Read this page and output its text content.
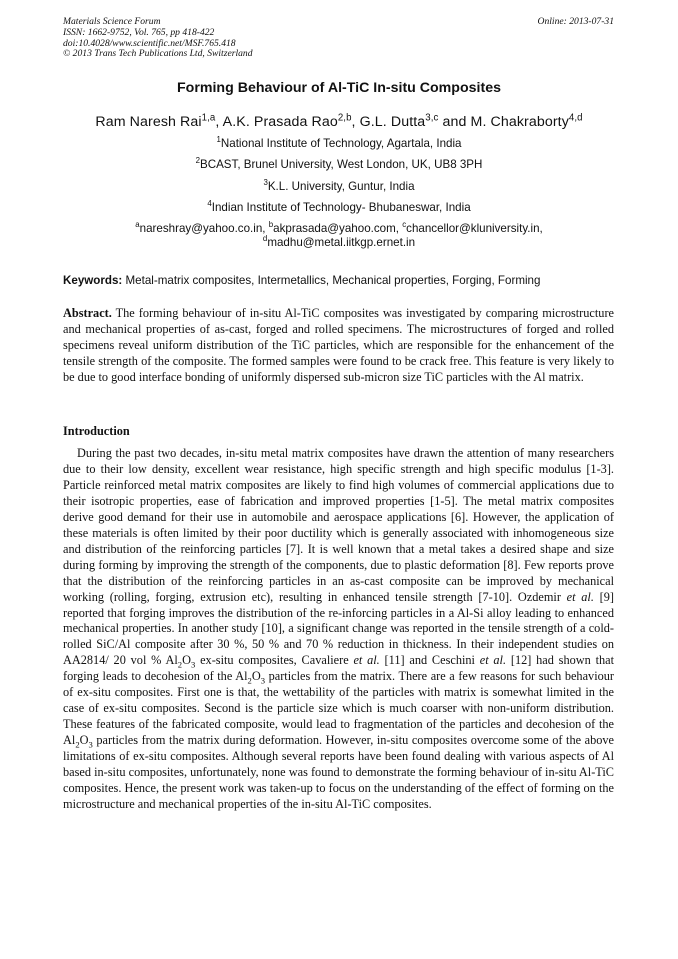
Materials Science Forum
ISSN: 1662-9752, Vol. 765, pp 418-422
doi:10.4028/www.scientific.net/MSF.765.418
© 2013 Trans Tech Publications Ltd, Switzerland
Online: 2013-07-31
Forming Behaviour of Al-TiC In-situ Composites
Ram Naresh Rai$^{1,a}$, A.K. Prasada Rao$^{2,b}$, G.L. Dutta$^{3,c}$ and M. Chakraborty$^{4,d}$
$^1$National Institute of Technology, Agartala, India
$^2$BCAST, Brunel University, West London, UK, UB8 3PH
$^3$K.L. University, Guntur, India
$^4$Indian Institute of Technology- Bhubaneswar, India
$^a$nareshray@yahoo.co.in, $^b$akprasada@yahoo.com, $^c$chancellor@kluniversity.in,
$^d$madhu@metal.iitkgp.ernet.in
Keywords: Metal-matrix composites, Intermetallics, Mechanical properties, Forging, Forming
Abstract. The forming behaviour of in-situ Al-TiC composites was investigated by comparing microstructure and mechanical properties of as-cast, forged and rolled specimens. The microstructures of forged and rolled specimens reveal uniform distribution of the TiC particles, which are responsible for the enhancement of the tensile strength of the composite. The formed samples were found to be crack free. This feature is very likely to be due to good interface bonding of uniformly dispersed sub-micron size TiC particles with the Al matrix.
Introduction
During the past two decades, in-situ metal matrix composites have drawn the attention of many researchers due to their low density, excellent wear resistance, high specific strength and high specific modulus [1-3]. Particle reinforced metal matrix composites are likely to find high volumes of commercial applications due to their isotropic properties, ease of fabrication and improved properties [1-5]. The metal matrix composites derive good demand for their use in automobile and aerospace applications [6]. However, the application of these materials is often limited by their poor ductility which is generally associated with inhomogeneous size and distribution of the reinforcing particles [7]. It is well known that a metal takes a desired shape and size during forming by improving the strength of the components, due to plastic deformation [8]. Few reports prove that the distribution of the reinforcing particles in an as-cast composite can be improved by mechanical working (rolling, forging, extrusion etc), resulting in enhanced tensile strength [7-10]. Ozdemir et al. [9] reported that forging improves the distribution of the re-inforcing particles in a Al-Si alloy leading to enhanced mechanical properties. In another study [10], a significant change was reported in the tensile strength of a cold-rolled SiC/Al composite after 30 %, 50 % and 70 % reduction in thickness. In their independent studies on AA2814/ 20 vol % $Al_2O_3$ ex-situ composites, Cavaliere et al. [11] and Ceschini et al. [12] had shown that forging leads to decohesion of the $Al_2O_3$ particles from the matrix. There are a few reasons for such behaviour of ex-situ composites. First one is that, the wettability of the particles with matrix is somewhat limited in the case of ex-situ composites. Second is the particle size which is much coarser with non-uniform distribution. These features of the fabricated composite, would lead to fragmentation of the particles and decohesion of the $Al_2O_3$ particles from the matrix during deformation. However, in-situ composites overcome some of the above limitations of ex-situ composites. Although several reports have been found dealing with various aspects of Al based in-situ composites, unfortunately, none was found to demonstrate the forming behaviour of in-situ Al-TiC composites. Hence, the present work was taken-up to focus on the understanding of the effect of forming on the microstructure and mechanical properties of the in-situ Al-TiC composites.
